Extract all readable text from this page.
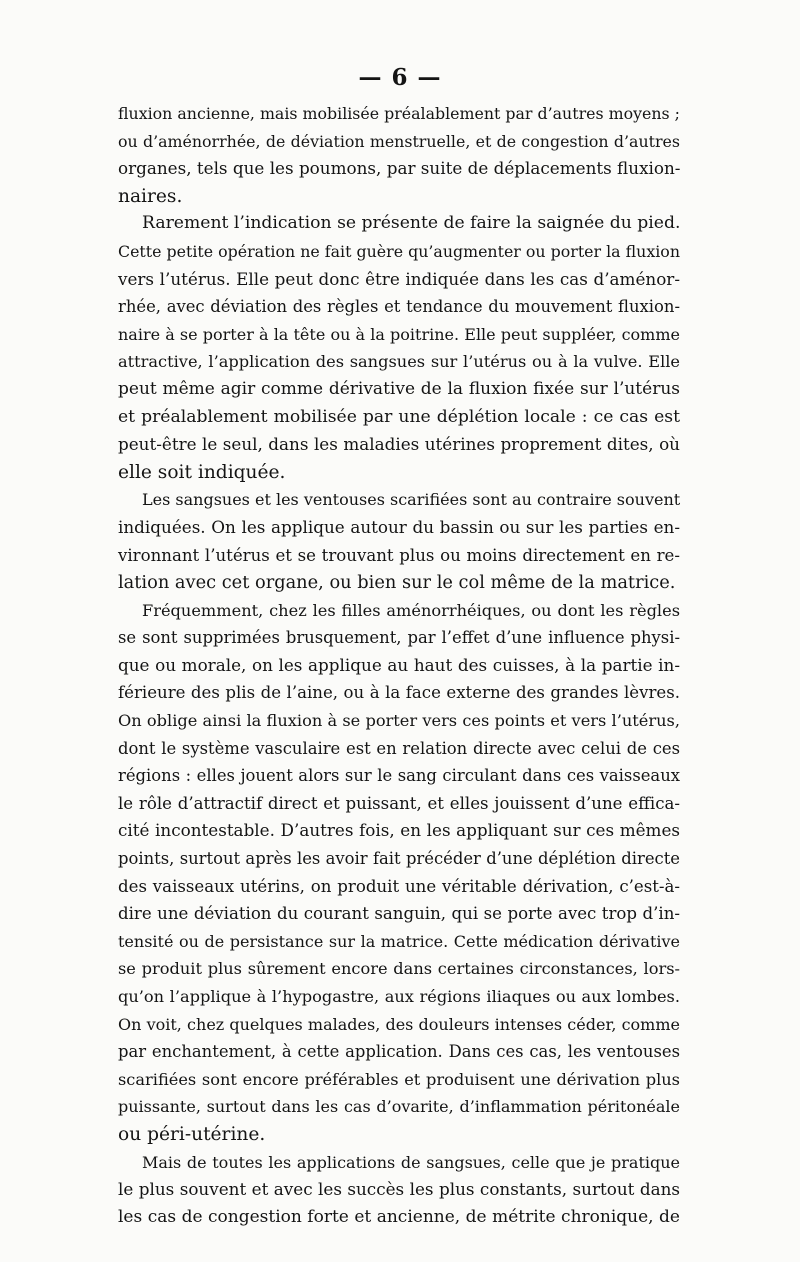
— 6 —
fluxion ancienne, mais mobilisée préalablement par d’autres moyens ;
ou d’aménorrhée, de déviation menstruelle, et de congestion d’autres
organes, tels que les poumons, par suite de déplacements fluxion-
naires.
Rarement l’indication se présente de faire la saignée du pied.
Cette petite opération ne fait guère qu’augmenter ou porter la fluxion
vers l’utérus. Elle peut donc être indiquée dans les cas d’aménor-
rhée, avec déviation des règles et tendance du mouvement fluxion-
naire à se porter à la tête ou à la poitrine. Elle peut suppléer, comme
attractive, l’application des sangsues sur l’utérus ou à la vulve. Elle
peut même agir comme dérivative de la fluxion fixée sur l’utérus
et préalablement mobilisée par une déplétion locale : ce cas est
peut-être le seul, dans les maladies utérines proprement dites, où
elle soit indiquée.
Les sangsues et les ventouses scarifiées sont au contraire souvent
indiquées. On les applique autour du bassin ou sur les parties en-
vironnant l’utérus et se trouvant plus ou moins directement en re-
lation avec cet organe, ou bien sur le col même de la matrice.
Fréquemment, chez les filles aménorrhéiques, ou dont les règles
se sont supprimées brusquement, par l’effet d’une influence physi-
que ou morale, on les applique au haut des cuisses, à la partie in-
férieure des plis de l’aine, ou à la face externe des grandes lèvres.
On oblige ainsi la fluxion à se porter vers ces points et vers l’utérus,
dont le système vasculaire est en relation directe avec celui de ces
régions : elles jouent alors sur le sang circulant dans ces vaisseaux
le rôle d’attractif direct et puissant, et elles jouissent d’une effica-
cité incontestable. D’autres fois, en les appliquant sur ces mêmes
points, surtout après les avoir fait précéder d’une déplétion directe
des vaisseaux utérins, on produit une véritable dérivation, c’est-à-
dire une déviation du courant sanguin, qui se porte avec trop d’in-
tensité ou de persistance sur la matrice. Cette médication dérivative
se produit plus sûrement encore dans certaines circonstances, lors-
qu’on l’applique à l’hypogastre, aux régions iliaques ou aux lombes.
On voit, chez quelques malades, des douleurs intenses céder, comme
par enchantement, à cette application. Dans ces cas, les ventouses
scarifiées sont encore préférables et produisent une dérivation plus
puissante, surtout dans les cas d’ovarite, d’inflammation péritonéale
ou péri-utérine.
Mais de toutes les applications de sangsues, celle que je pratique
le plus souvent et avec les succès les plus constants, surtout dans
les cas de congestion forte et ancienne, de métrite chronique, de
